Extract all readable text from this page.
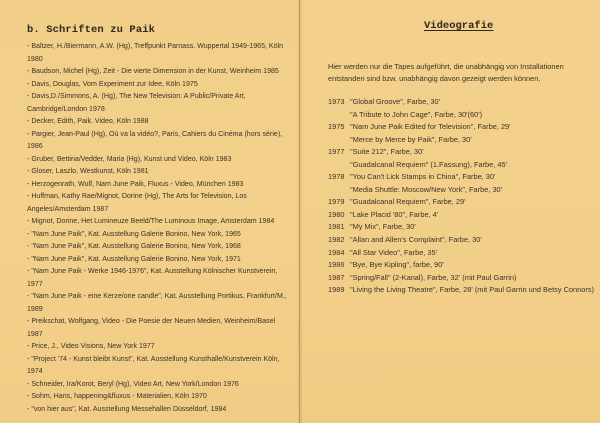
b. Schriften zu Paik
- Baltzer, H./Biermann, A.W. (Hg), Treffpunkt Parnass. Wuppertal 1949-1965, Köln 1980
- Baudson, Michel (Hg), Zeit - Die vierte Dimension in der Kunst, Weinheim 1985
- Davis, Douglas, Vom Experiment zur Idee, Köln 1975
- Davis,D./Simmons, A. (Hg), The New Television: A Public/Private Art, Cambridge/London 1978
- Decker, Edith, Paik. Video, Köln 1988
- Pargier, Jean-Paul (Hg), Où va la vidéo?, Paris, Cahiers du Cinéma (hors série), 1986
- Gruber, Bettina/Vedder, Maria (Hg), Kunst und Video, Köln 1983
- Gloser, Laszlo, Westkunst, Köln 1981
- Herzogenrath, Wulf, Nam June Paik, Fluxus - Video, München 1983
- Huffman, Kathy Rae/Mignot, Dorine (Hg), The Arts for Television, Los Angeles/Amsterdam 1987
- Mignot, Dorine, Het Lumineuze Beeld/The Luminous Image, Amsterdam 1984
- "Nam June Paik", Kat. Ausstellung Galerie Bonino, New York, 1965
- "Nam June Paik", Kat. Ausstellung Galerie Bonino, New York, 1968
- "Nam June Paik", Kat. Ausstellung Galerie Bonino, New York, 1971
- "Nam June Paik - Werke 1946-1976", Kat. Ausstellung Kölnischer Kunstverein, 1977
- "Nam June Paik - eine Kerze/one candle", Kat. Ausstellung Portikus, Frankfurt/M., 1989
- Preikschat, Wolfgang, Video - Die Poesie der Neuen Medien, Weinheim/Basel 1987
- Price, J., Video Visions, New York 1977
- "Project '74 - Kunst bleibt Kunst", Kat. Ausstellung Kunsthalle/Kunstverein Köln, 1974
- Schneider, Ira/Korot, Beryl (Hg), Video Art, New York/London 1976
- Sohm, Hans, happening&fluxus - Materialien, Köln 1970
- "von hier aus", Kat. Ausstellung Messehallen Düsseldorf, 1984
Videografie
Hier werden nur die Tapes aufgeführt, die unabhängig von Installationen entstanden sind bzw. unabhängig davon gezeigt werden können.
1973 "Global Groove", Farbe, 30'
"A Tribute to John Cage", Farbe, 30'(60')
1975 "Nam June Paik Edited for Television", Farbe, 29'
"Merce by Merce by Paik", Farbe, 30'
1977 "Suite 212", Farbe, 30'
"Guadalcanal Requiem" (1.Fassung), Farbe, 45'
1978 "You Can't Lick Stamps in China", Farbe, 30'
"Media Shuttle: Moscow/New York", Farbe, 30'
1979 "Guadalcanal Requiem", Farbe, 29'
1980 "Lake Placid '80", Farbe, 4'
1981 "My Mix", Farbe, 30'
1982 "Allan and Allen's Complaint", Farbe, 30'
1984 "All Star Video", Farbe, 35'
1986 "Bye, Bye Kipling", farbe, 90'
1987 "Spring/Fall" (2-Kanal), Farbe, 32' (mit Paul Garrin)
1989 "Living the Living Theatre", Farbe, 28' (mit Paul Garrin und Betsy Connors)
